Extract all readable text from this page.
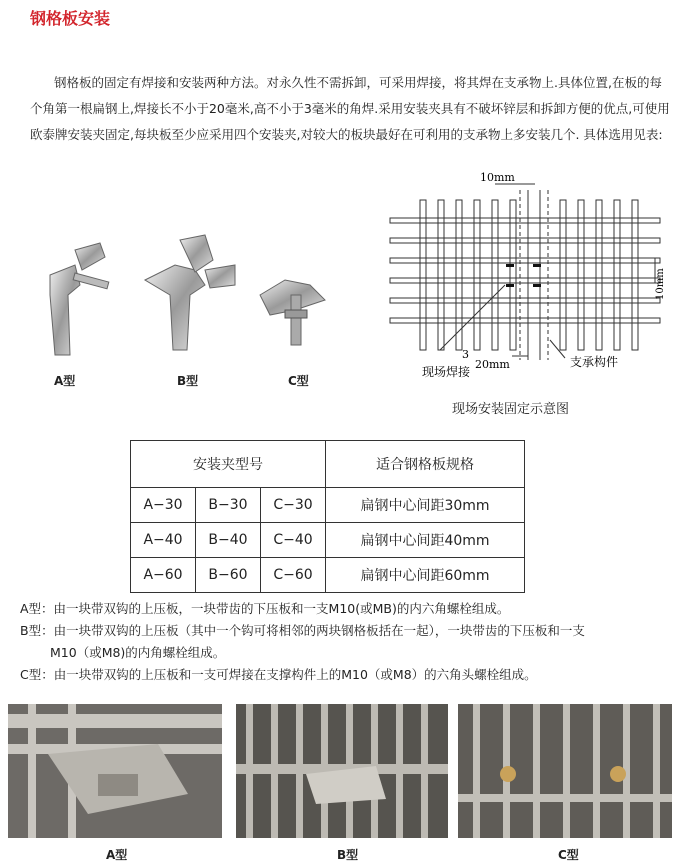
钢格板安装

钢格板的固定有焊接和安装两种方法。对永久性不需拆卸，可采用焊接，将其焊在支承物上.具体位置,在板的每个角第一根扁钢上,焊接长不小于20毫米,高不小于3毫米的角焊.采用安装夹具有不破坏锌层和拆卸方便的优点,可使用欧泰牌安装夹固定,每块板至少应采用四个安装夹,对较大的板块最好在可利用的支承物上多安装几个. 具体选用见表:

A型	B型	C型
10mm
10mm
3
20mm
现场焊接
支承构件
现场安装固定示意图
安装夹型号			适合钢格板规格
A−30	B−30	C−30	扁钢中心间距30mm
A−40	B−40	C−40	扁钢中心间距40mm
A−60	B−60	C−60	扁钢中心间距60mm
A型：由一块带双钩的上压板，一块带齿的下压板和一支M10(或MB)的内六角螺栓组成。
B型：由一块带双钩的上压板（其中一个钩可将相邻的两块钢格板括在一起），一块带齿的下压板和一支
M10（或M8)的内角螺栓组成。
C型：由一块带双钩的上压板和一支可焊接在支撑构件上的M10（或M8）的六角头螺栓组成。
A型	B型	C型
